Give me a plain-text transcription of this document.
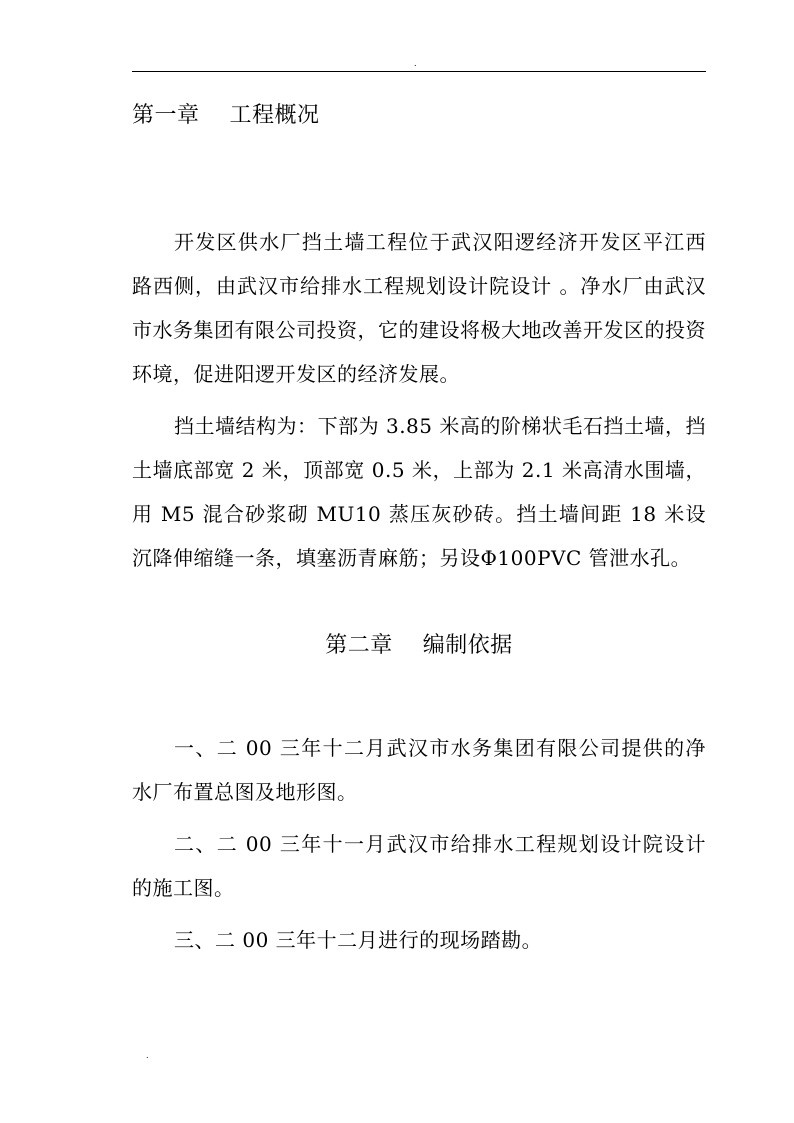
.
第一章    工程概况

开发区供水厂挡土墙工程位于武汉阳逻经济开发区平江西路西侧，由武汉市给排水工程规划设计院设计 。净水厂由武汉市水务集团有限公司投资，它的建设将极大地改善开发区的投资环境，促进阳逻开发区的经济发展。

挡土墙结构为：下部为 3.85 米高的阶梯状毛石挡土墙，挡土墙底部宽 2 米，顶部宽 0.5 米，上部为 2.1 米高清水围墙，用 M5 混合砂浆砌 MU10 蒸压灰砂砖。挡土墙间距 18 米设沉降伸缩缝一条，填塞沥青麻筋；另设Φ100PVC 管泄水孔。

第二章    编制依据

一、二 00 三年十二月武汉市水务集团有限公司提供的净水厂布置总图及地形图。

二、二 00 三年十一月武汉市给排水工程规划设计院设计的施工图。

三、二 00 三年十二月进行的现场踏勘。

.
